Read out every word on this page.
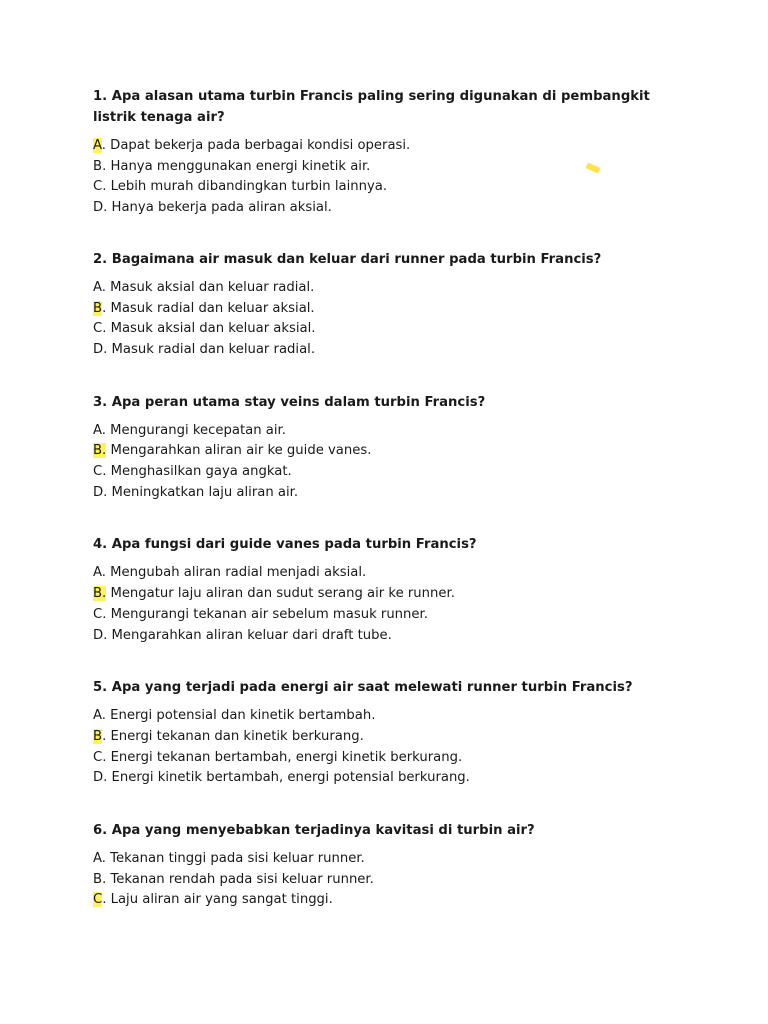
1. Apa alasan utama turbin Francis paling sering digunakan di pembangkit listrik tenaga air?
A. Dapat bekerja pada berbagai kondisi operasi.
B. Hanya menggunakan energi kinetik air.
C. Lebih murah dibandingkan turbin lainnya.
D. Hanya bekerja pada aliran aksial.
2. Bagaimana air masuk dan keluar dari runner pada turbin Francis?
A. Masuk aksial dan keluar radial.
B. Masuk radial dan keluar aksial.
C. Masuk aksial dan keluar aksial.
D. Masuk radial dan keluar radial.
3. Apa peran utama stay veins dalam turbin Francis?
A. Mengurangi kecepatan air.
B. Mengarahkan aliran air ke guide vanes.
C. Menghasilkan gaya angkat.
D. Meningkatkan laju aliran air.
4. Apa fungsi dari guide vanes pada turbin Francis?
A. Mengubah aliran radial menjadi aksial.
B. Mengatur laju aliran dan sudut serang air ke runner.
C. Mengurangi tekanan air sebelum masuk runner.
D. Mengarahkan aliran keluar dari draft tube.
5. Apa yang terjadi pada energi air saat melewati runner turbin Francis?
A. Energi potensial dan kinetik bertambah.
B. Energi tekanan dan kinetik berkurang.
C. Energi tekanan bertambah, energi kinetik berkurang.
D. Energi kinetik bertambah, energi potensial berkurang.
6. Apa yang menyebabkan terjadinya kavitasi di turbin air?
A. Tekanan tinggi pada sisi keluar runner.
B. Tekanan rendah pada sisi keluar runner.
C. Laju aliran air yang sangat tinggi.
